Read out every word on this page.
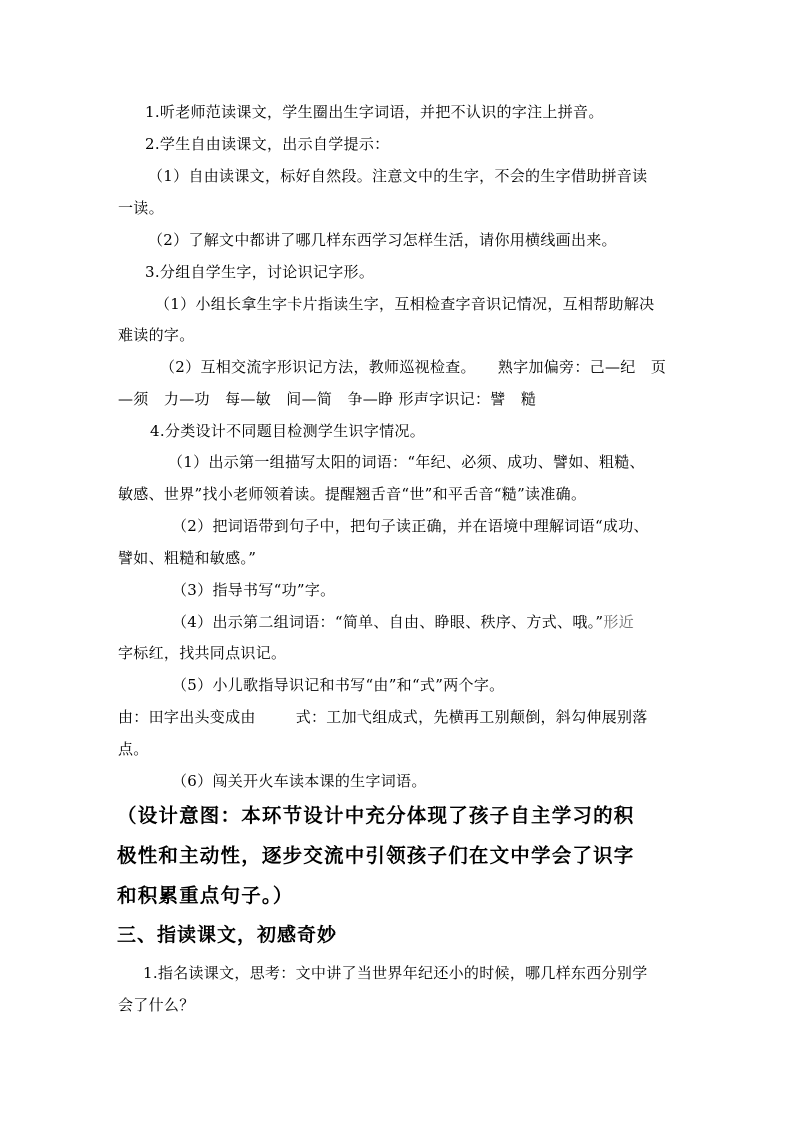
1.听老师范读课文，学生圈出生字词语，并把不认识的字注上拼音。
2.学生自由读课文，出示自学提示：
（1）自由读课文，标好自然段。注意文中的生字，不会的生字借助拼音读
一读。
（2）了解文中都讲了哪几样东西学习怎样生活，请你用横线画出来。
3.分组自学生字，讨论识记字形。
（1）小组长拿生字卡片指读生字，互相检查字音识记情况，互相帮助解决
难读的字。
（2）互相交流字形识记方法，教师巡视检查。 熟字加偏旁：己—纪　页
—须　力—功　每—敏　间—简　争—睁 形声字识记：譬　糙
4.分类设计不同题目检测学生识字情况。
（1）出示第一组描写太阳的词语：“年纪、必须、成功、譬如、粗糙、
敏感、世界”找小老师领着读。提醒翘舌音“世”和平舌音“糙”读准确。
（2）把词语带到句子中，把句子读正确，并在语境中理解词语“成功、
譬如、粗糙和敏感。”
（3）指导书写“功”字。
（4）出示第二组词语：“简单、自由、睁眼、秩序、方式、哦。”形近
字标红，找共同点识记。
（5）小儿歌指导识记和书写“由”和“式”两个字。
由：田字出头变成由	式：工加弋组成式，先横再工别颠倒，斜勾伸展别落
点。
（6）闯关开火车读本课的生字词语。
（设计意图：本环节设计中充分体现了孩子自主学习的积
极性和主动性，逐步交流中引领孩子们在文中学会了识字
和积累重点句子。）
三、指读课文，初感奇妙
1.指名读课文，思考：文中讲了当世界年纪还小的时候，哪几样东西分别学
会了什么？
